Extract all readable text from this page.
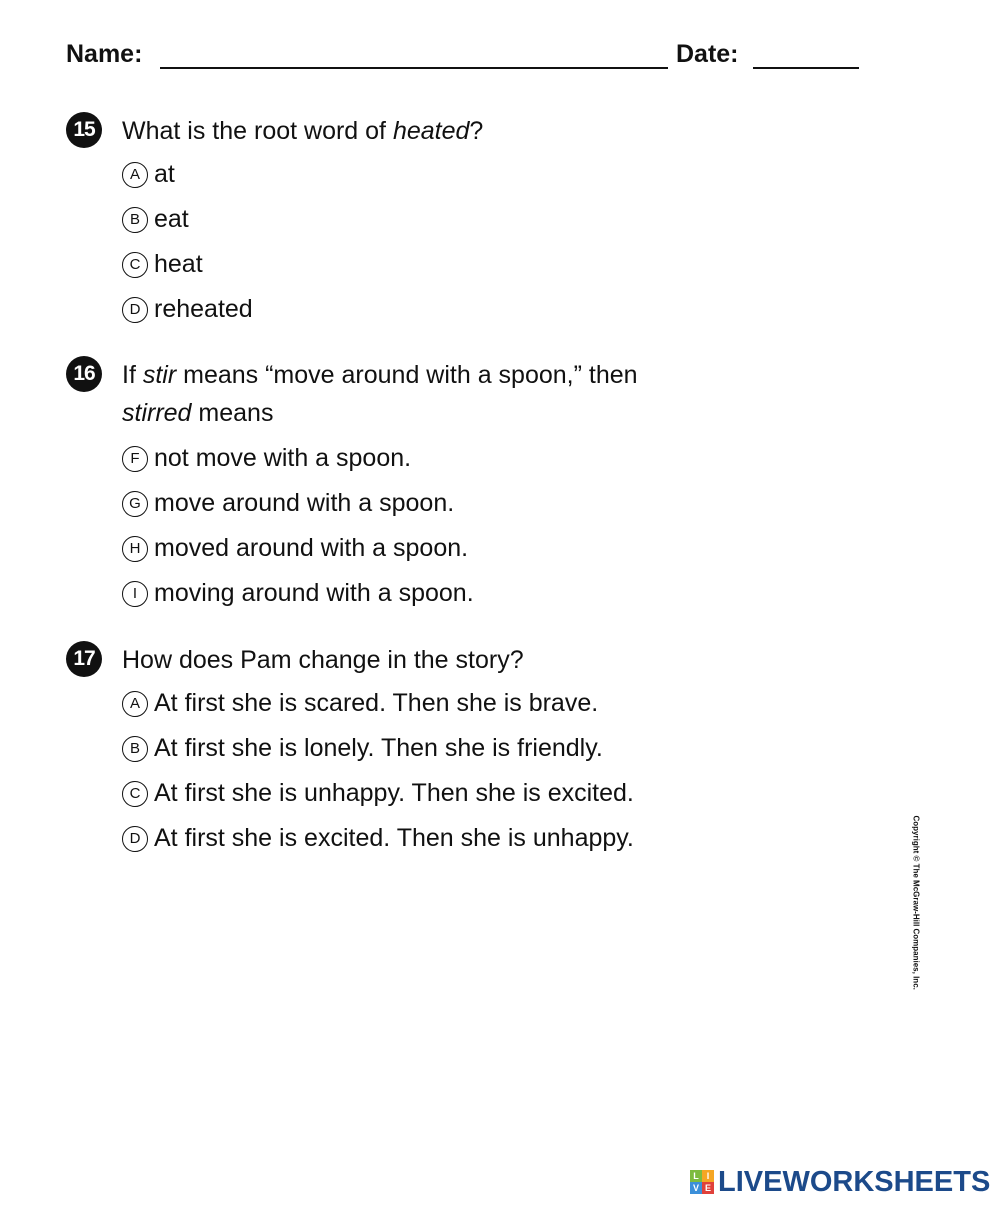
Name:	Date:
15 What is the root word of heated?
A at
B eat
C heat
D reheated
16 If stir means “move around with a spoon,” then
stirred means
F not move with a spoon.
G move around with a spoon.
H moved around with a spoon.
I moving around with a spoon.
17 How does Pam change in the story?
A At first she is scared. Then she is brave.
B At first she is lonely. Then she is friendly.
C At first she is unhappy. Then she is excited.
D At first she is excited. Then she is unhappy.	Copyright © The McGraw-Hill Companies, Inc.
L I
V E LIVEWORKSHEETS
